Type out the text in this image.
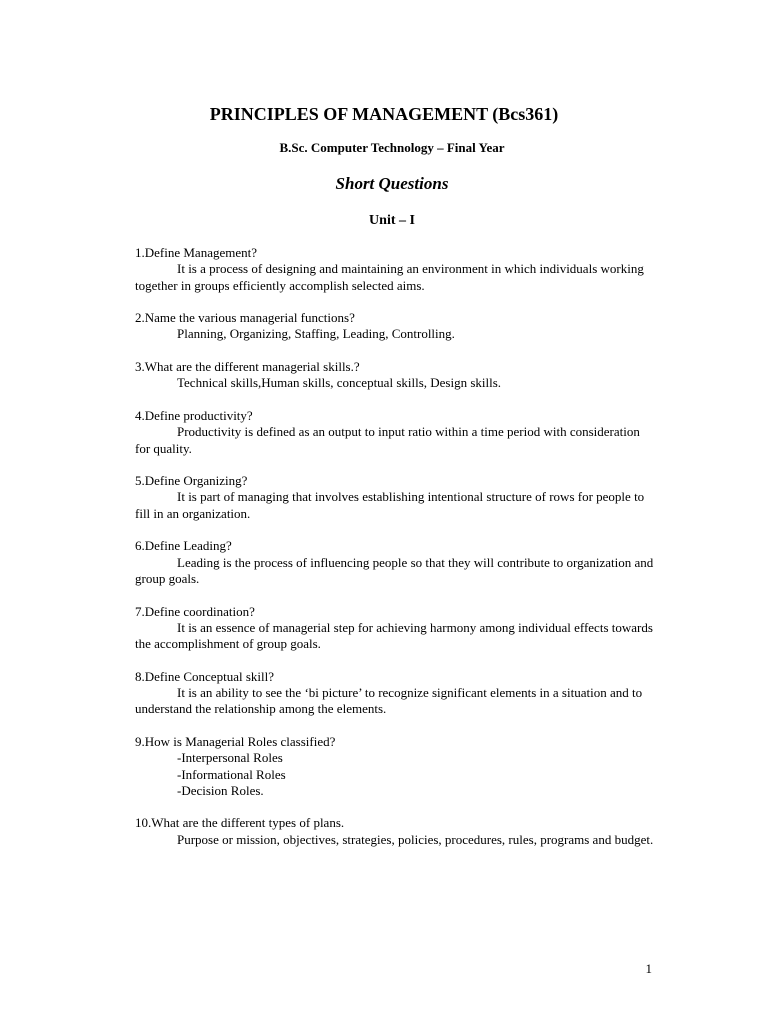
PRINCIPLES OF MANAGEMENT (Bcs361)
B.Sc. Computer Technology – Final Year
Short Questions
Unit – I

1.Define Management?

It is a process of designing and maintaining an environment in which individuals working together in groups efficiently accomplish selected aims.

2.Name the various managerial functions?

Planning, Organizing, Staffing, Leading, Controlling.

3.What are the different managerial skills.?

Technical skills,Human skills, conceptual skills, Design skills.

4.Define productivity?

Productivity is defined as an output to input ratio within a time period with consideration for quality.

5.Define Organizing?

It is part of managing that involves establishing intentional structure of rows for people to fill in an organization.

6.Define Leading?

Leading is the process of influencing people so that they will contribute to organization and group goals.

7.Define coordination?

It is an essence of managerial step for achieving harmony among individual effects towards the accomplishment of group goals.

8.Define Conceptual skill?

It is an ability to see the ‘bi picture’ to recognize significant elements in a situation and to understand the relationship among the elements.

9.How is Managerial Roles classified?

-Interpersonal Roles

-Informational Roles

-Decision Roles.

10.What are the different types of plans.

Purpose or mission, objectives, strategies, policies, procedures, rules, programs and budget.

1
